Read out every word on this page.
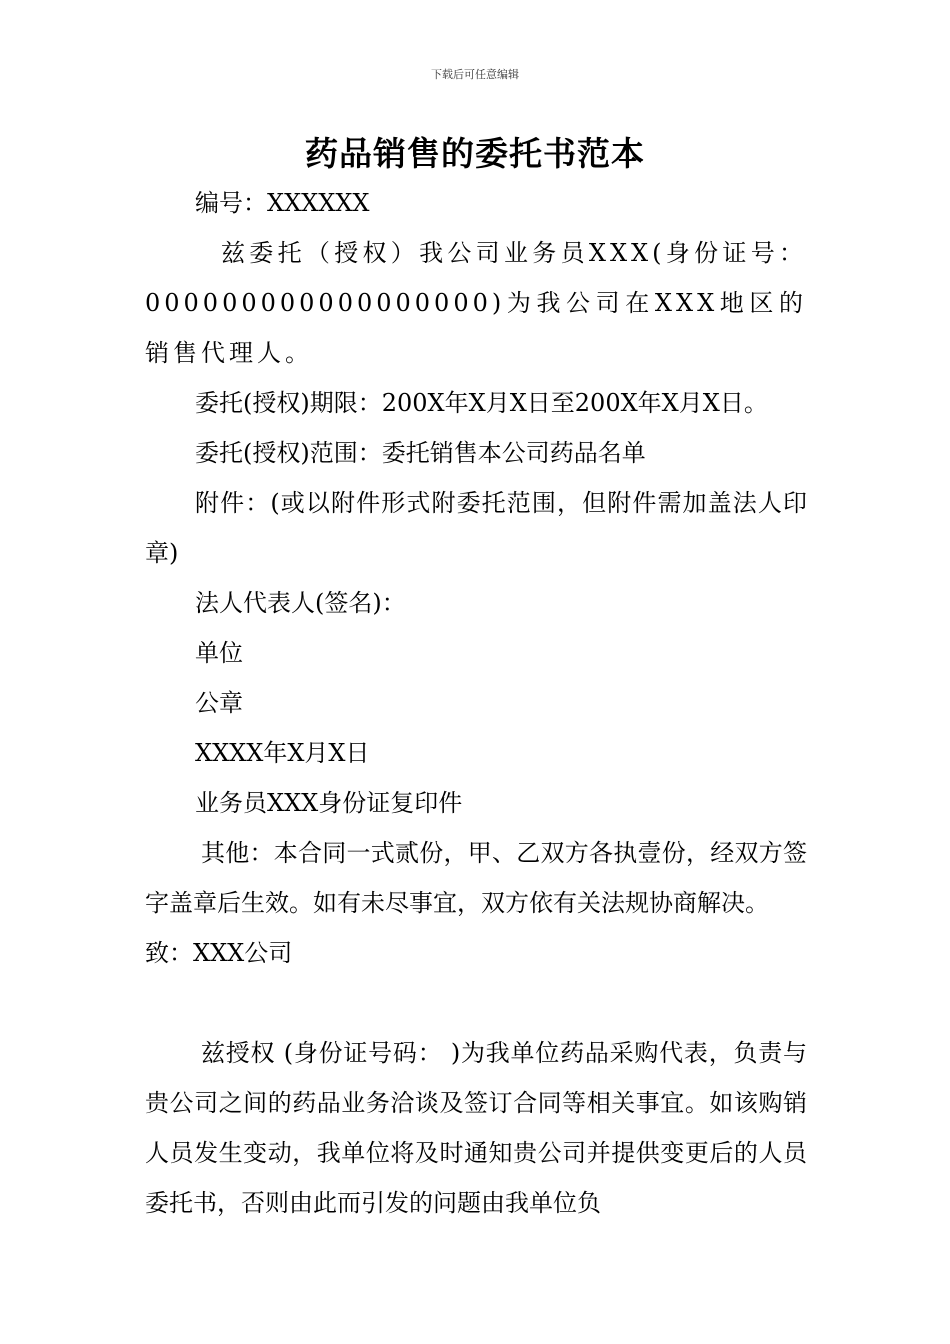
下载后可任意编辑
药品销售的委托书范本

编号：XXXXXX

兹委托（授权）我公司业务员XXX(身份证号：000000000000000000)为我公司在XXX地区的销售代理人。

委托(授权)期限：200X年X月X日至200X年X月X日。

委托(授权)范围：委托销售本公司药品名单

附件：(或以附件形式附委托范围，但附件需加盖法人印章)

法人代表人(签名)：

单位

公章

XXXX年X月X日

业务员XXX身份证复印件

其他：本合同一式贰份，甲、乙双方各执壹份，经双方签字盖章后生效。如有未尽事宜，双方依有关法规协商解决。

致：XXX公司

兹授权 (身份证号码： )为我单位药品采购代表，负责与贵公司之间的药品业务洽谈及签订合同等相关事宜。如该购销人员发生变动，我单位将及时通知贵公司并提供变更后的人员委托书，否则由此而引发的问题由我单位负
